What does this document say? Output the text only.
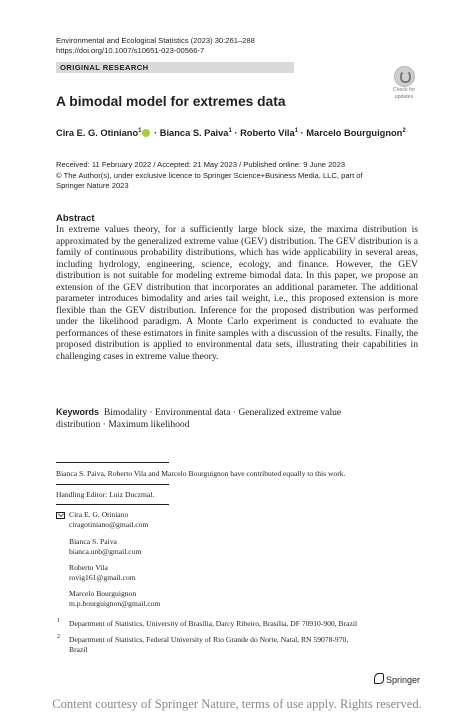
Environmental and Ecological Statistics (2023) 30:261–288
https://doi.org/10.1007/s10651-023-00566-7
ORIGINAL RESEARCH
Check for
updates
A bimodal model for extremes data
Cira E. G. Otiniano$^1$ · Bianca S. Paiva$^1$ · Roberto Vila$^1$ · Marcelo Bourguignon$^2$
Received: 11 February 2022 / Accepted: 21 May 2023 / Published online: 9 June 2023
© The Author(s), under exclusive licence to Springer Science+Business Media, LLC, part of Springer Nature 2023
Abstract
In extreme values theory, for a sufficiently large block size, the maxima distribution is approximated by the generalized extreme value (GEV) distribution. The GEV distribution is a family of continuous probability distributions, which has wide applicability in several areas, including hydrology, engineering, science, ecology, and finance. However, the GEV distribution is not suitable for modeling extreme bimodal data. In this paper, we propose an extension of the GEV distribution that incorporates an additional parameter. The additional parameter introduces bimodality and aries tail weight, i.e., this proposed extension is more flexible than the GEV distribution. Inference for the proposed distribution was performed under the likelihood paradigm. A Monte Carlo experiment is conducted to evaluate the performances of these estimators in finite samples with a discussion of the results. Finally, the proposed distribution is applied to environmental data sets, illustrating their capabilities in challenging cases in extreme value theory.
Keywords Bimodality · Environmental data · Generalized extreme value
distribution · Maximum likelihood
Bianca S. Paiva, Roberto Vila and Marcelo Bourguignon have contributed equally to this work.
Handling Editor: Luiz Duczmal.
Cira E. G. Otiniano
ciragotiniano@gmail.com
Bianca S. Paiva
bianca.unb@gmail.com
Roberto Vila
rovig161@gmail.com
Marcelo Bourguignon
m.p.bourguignon@gmail.com
1 Department of Statistics, University of Brasília, Darcy Ribeiro, Brasília, DF 70910-900, Brazil
2 Department of Statistics, Federal University of Rio Grande do Norte, Natal, RN 59078-970,
Brazil
Springer
Content courtesy of Springer Nature, terms of use apply. Rights reserved.
